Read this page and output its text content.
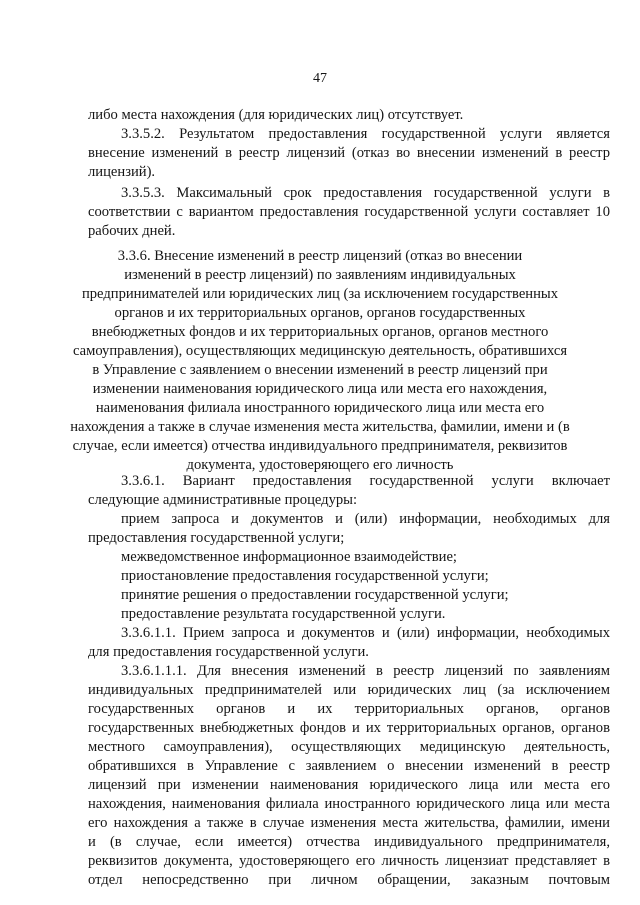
47

либо места нахождения (для юридических лиц) отсутствует.

3.3.5.2. Результатом предоставления государственной услуги является

внесение изменений в реестр лицензий (отказ во внесении изменений в реестр

лицензий).

3.3.5.3. Максимальный срок предоставления государственной услуги в

соответствии с вариантом предоставления государственной услуги составляет 10

рабочих дней.

3.3.6. Внесение изменений в реестр лицензий (отказ во внесении

изменений в реестр лицензий) по заявлениям индивидуальных

предпринимателей или юридических лиц (за исключением государственных

органов и их территориальных органов, органов государственных

внебюджетных фондов и их территориальных органов, органов местного

самоуправления), осуществляющих медицинскую деятельность, обратившихся

в Управление с заявлением о внесении изменений в реестр лицензий при

изменении наименования юридического лица или места его нахождения,

наименования филиала иностранного юридического лица или места его

нахождения а также в случае изменения места жительства, фамилии, имени и (в

случае, если имеется) отчества индивидуального предпринимателя, реквизитов

документа, удостоверяющего его личность

3.3.6.1. Вариант предоставления государственной услуги включает

следующие административные процедуры:

прием запроса и документов и (или) информации, необходимых для

предоставления государственной услуги;

межведомственное информационное взаимодействие;

приостановление предоставления государственной услуги;

принятие решения о предоставлении государственной услуги;

предоставление результата государственной услуги.

3.3.6.1.1. Прием запроса и документов и (или) информации, необходимых

для предоставления государственной услуги.

3.3.6.1.1.1. Для внесения изменений в реестр лицензий по заявлениям

индивидуальных предпринимателей или юридических лиц (за исключением

государственных органов и их территориальных органов, органов

государственных внебюджетных фондов и их территориальных органов, органов

местного самоуправления), осуществляющих медицинскую деятельность,

обратившихся в Управление с заявлением о внесении изменений в реестр

лицензий при изменении наименования юридического лица или места его

нахождения, наименования филиала иностранного юридического лица или места

его нахождения а также в случае изменения места жительства, фамилии, имени

и (в случае, если имеется) отчества индивидуального предпринимателя,

реквизитов документа, удостоверяющего его личность лицензиат представляет в

отдел непосредственно при личном обращении, заказным почтовым
